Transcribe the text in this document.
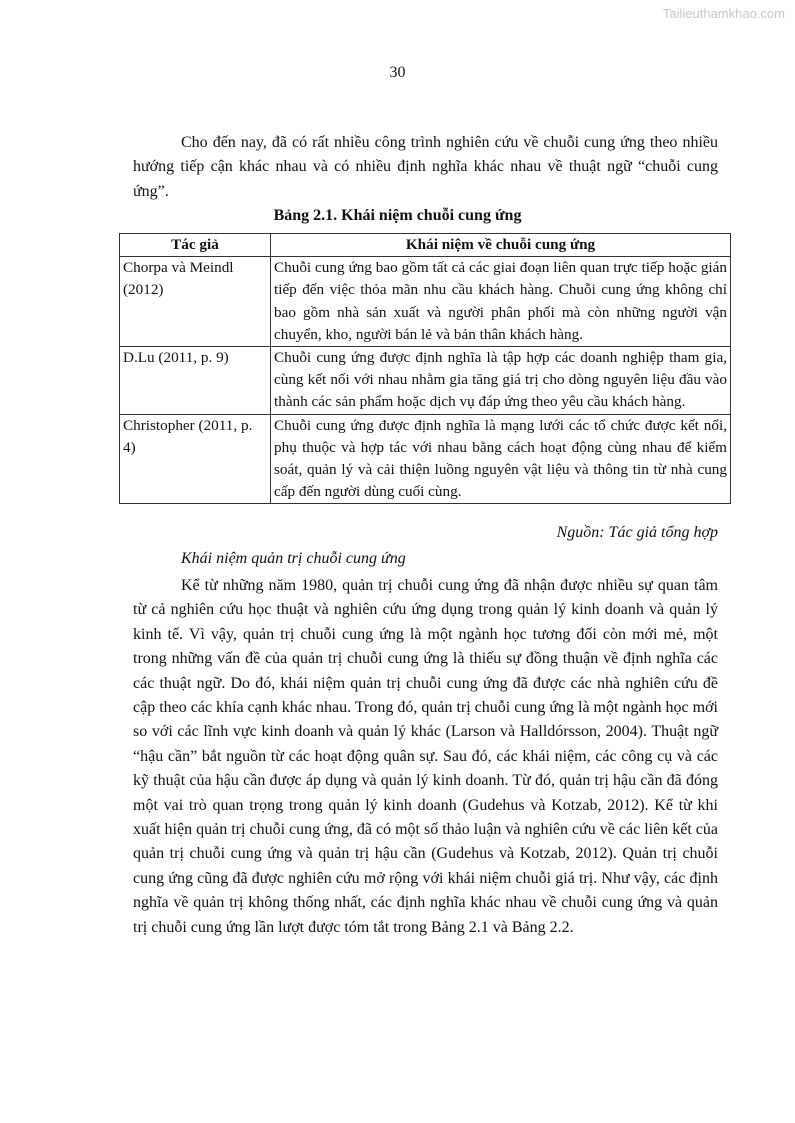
Tailieuthamkhao.com
30

Cho đến nay, đã có rất nhiều công trình nghiên cứu về chuỗi cung ứng theo nhiều hướng tiếp cận khác nhau và có nhiều định nghĩa khác nhau về thuật ngữ “chuỗi cung ứng”.

Bảng 2.1. Khái niệm chuỗi cung ứng
Tác giả	Khái niệm về chuỗi cung ứng
Chorpa và Meindl (2012)	Chuỗi cung ứng bao gồm tất cả các giai đoạn liên quan trực tiếp hoặc gián tiếp đến việc thỏa mãn nhu cầu khách hàng. Chuỗi cung ứng không chỉ bao gồm nhà sản xuất và người phân phối mà còn những người vận chuyển, kho, người bán lẻ và bản thân khách hàng.
D.Lu (2011, p. 9)	Chuỗi cung ứng được định nghĩa là tập hợp các doanh nghiệp tham gia, cùng kết nối với nhau nhằm gia tăng giá trị cho dòng nguyên liệu đầu vào thành các sản phẩm hoặc dịch vụ đáp ứng theo yêu cầu khách hàng.
Christopher (2011, p. 4)	Chuỗi cung ứng được định nghĩa là mạng lưới các tổ chức được kết nối, phụ thuộc và hợp tác với nhau bằng cách hoạt động cùng nhau để kiểm soát, quản lý và cải thiện luồng nguyên vật liệu và thông tin từ nhà cung cấp đến người dùng cuối cùng.
Nguồn: Tác giả tổng hợp
Khái niệm quản trị chuỗi cung ứng

Kể từ những năm 1980, quản trị chuỗi cung ứng đã nhận được nhiều sự quan tâm từ cả nghiên cứu học thuật và nghiên cứu ứng dụng trong quản lý kinh doanh và quản lý kinh tế. Vì vậy, quản trị chuỗi cung ứng là một ngành học tương đối còn mới mẻ, một trong những vấn đề của quản trị chuỗi cung ứng là thiếu sự đồng thuận về định nghĩa các các thuật ngữ. Do đó, khái niệm quản trị chuỗi cung ứng đã được các nhà nghiên cứu đề cập theo các khía cạnh khác nhau. Trong đó, quản trị chuỗi cung ứng là một ngành học mới so với các lĩnh vực kinh doanh và quản lý khác (Larson và Halldórsson, 2004). Thuật ngữ “hậu cần” bắt nguồn từ các hoạt động quân sự. Sau đó, các khái niệm, các công cụ và các kỹ thuật của hậu cần được áp dụng và quản lý kinh doanh. Từ đó, quản trị hậu cần đã đóng một vai trò quan trọng trong quản lý kinh doanh (Gudehus và Kotzab, 2012). Kể từ khi xuất hiện quản trị chuỗi cung ứng, đã có một số thảo luận và nghiên cứu về các liên kết của quản trị chuỗi cung ứng và quản trị hậu cần (Gudehus và Kotzab, 2012). Quản trị chuỗi cung ứng cũng đã được nghiên cứu mở rộng với khái niệm chuỗi giá trị. Như vậy, các định nghĩa về quản trị không thống nhất, các định nghĩa khác nhau về chuỗi cung ứng và quản trị chuỗi cung ứng lần lượt được tóm tắt trong Bảng 2.1 và Bảng 2.2.
